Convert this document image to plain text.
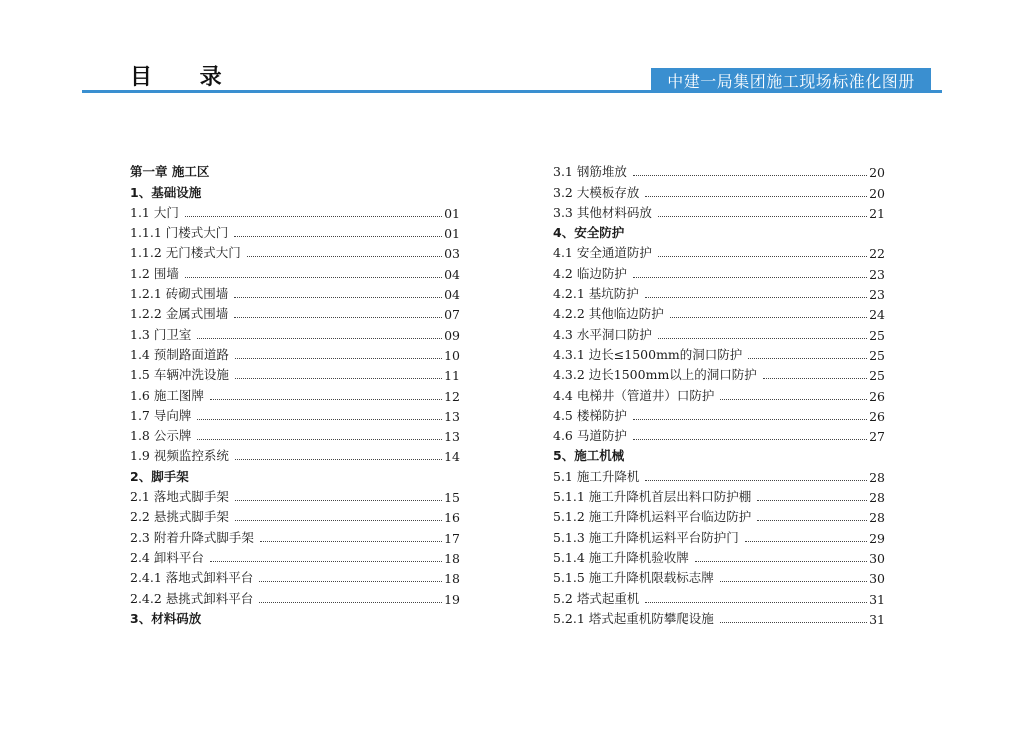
目 录	中建一局集团施工现场标准化图册
第一章 施工区
1、基础设施
1.1 大门	01
1.1.1 门楼式大门	01
1.1.2 无门楼式大门	03
1.2 围墙	04
1.2.1 砖砌式围墙	04
1.2.2 金属式围墙	07
1.3 门卫室	09
1.4 预制路面道路	10
1.5 车辆冲洗设施	11
1.6 施工图牌	12
1.7 导向牌	13
1.8 公示牌	13
1.9 视频监控系统	14
2、脚手架
2.1 落地式脚手架	15
2.2 悬挑式脚手架	16
2.3 附着升降式脚手架	17
2.4 卸料平台	18
2.4.1 落地式卸料平台	18
2.4.2 悬挑式卸料平台	19
3、材料码放
3.1 钢筋堆放	20
3.2 大模板存放	20
3.3 其他材料码放	21
4、安全防护
4.1 安全通道防护	22
4.2 临边防护	23
4.2.1 基坑防护	23
4.2.2 其他临边防护	24
4.3 水平洞口防护	25
4.3.1 边长≤1500mm的洞口防护	25
4.3.2 边长1500mm以上的洞口防护	25
4.4 电梯井（管道井）口防护	26
4.5 楼梯防护	26
4.6 马道防护	27
5、施工机械
5.1 施工升降机	28
5.1.1 施工升降机首层出料口防护棚	28
5.1.2 施工升降机运料平台临边防护	28
5.1.3 施工升降机运料平台防护门	29
5.1.4 施工升降机验收牌	30
5.1.5 施工升降机限载标志牌	30
5.2 塔式起重机	31
5.2.1 塔式起重机防攀爬设施	31
